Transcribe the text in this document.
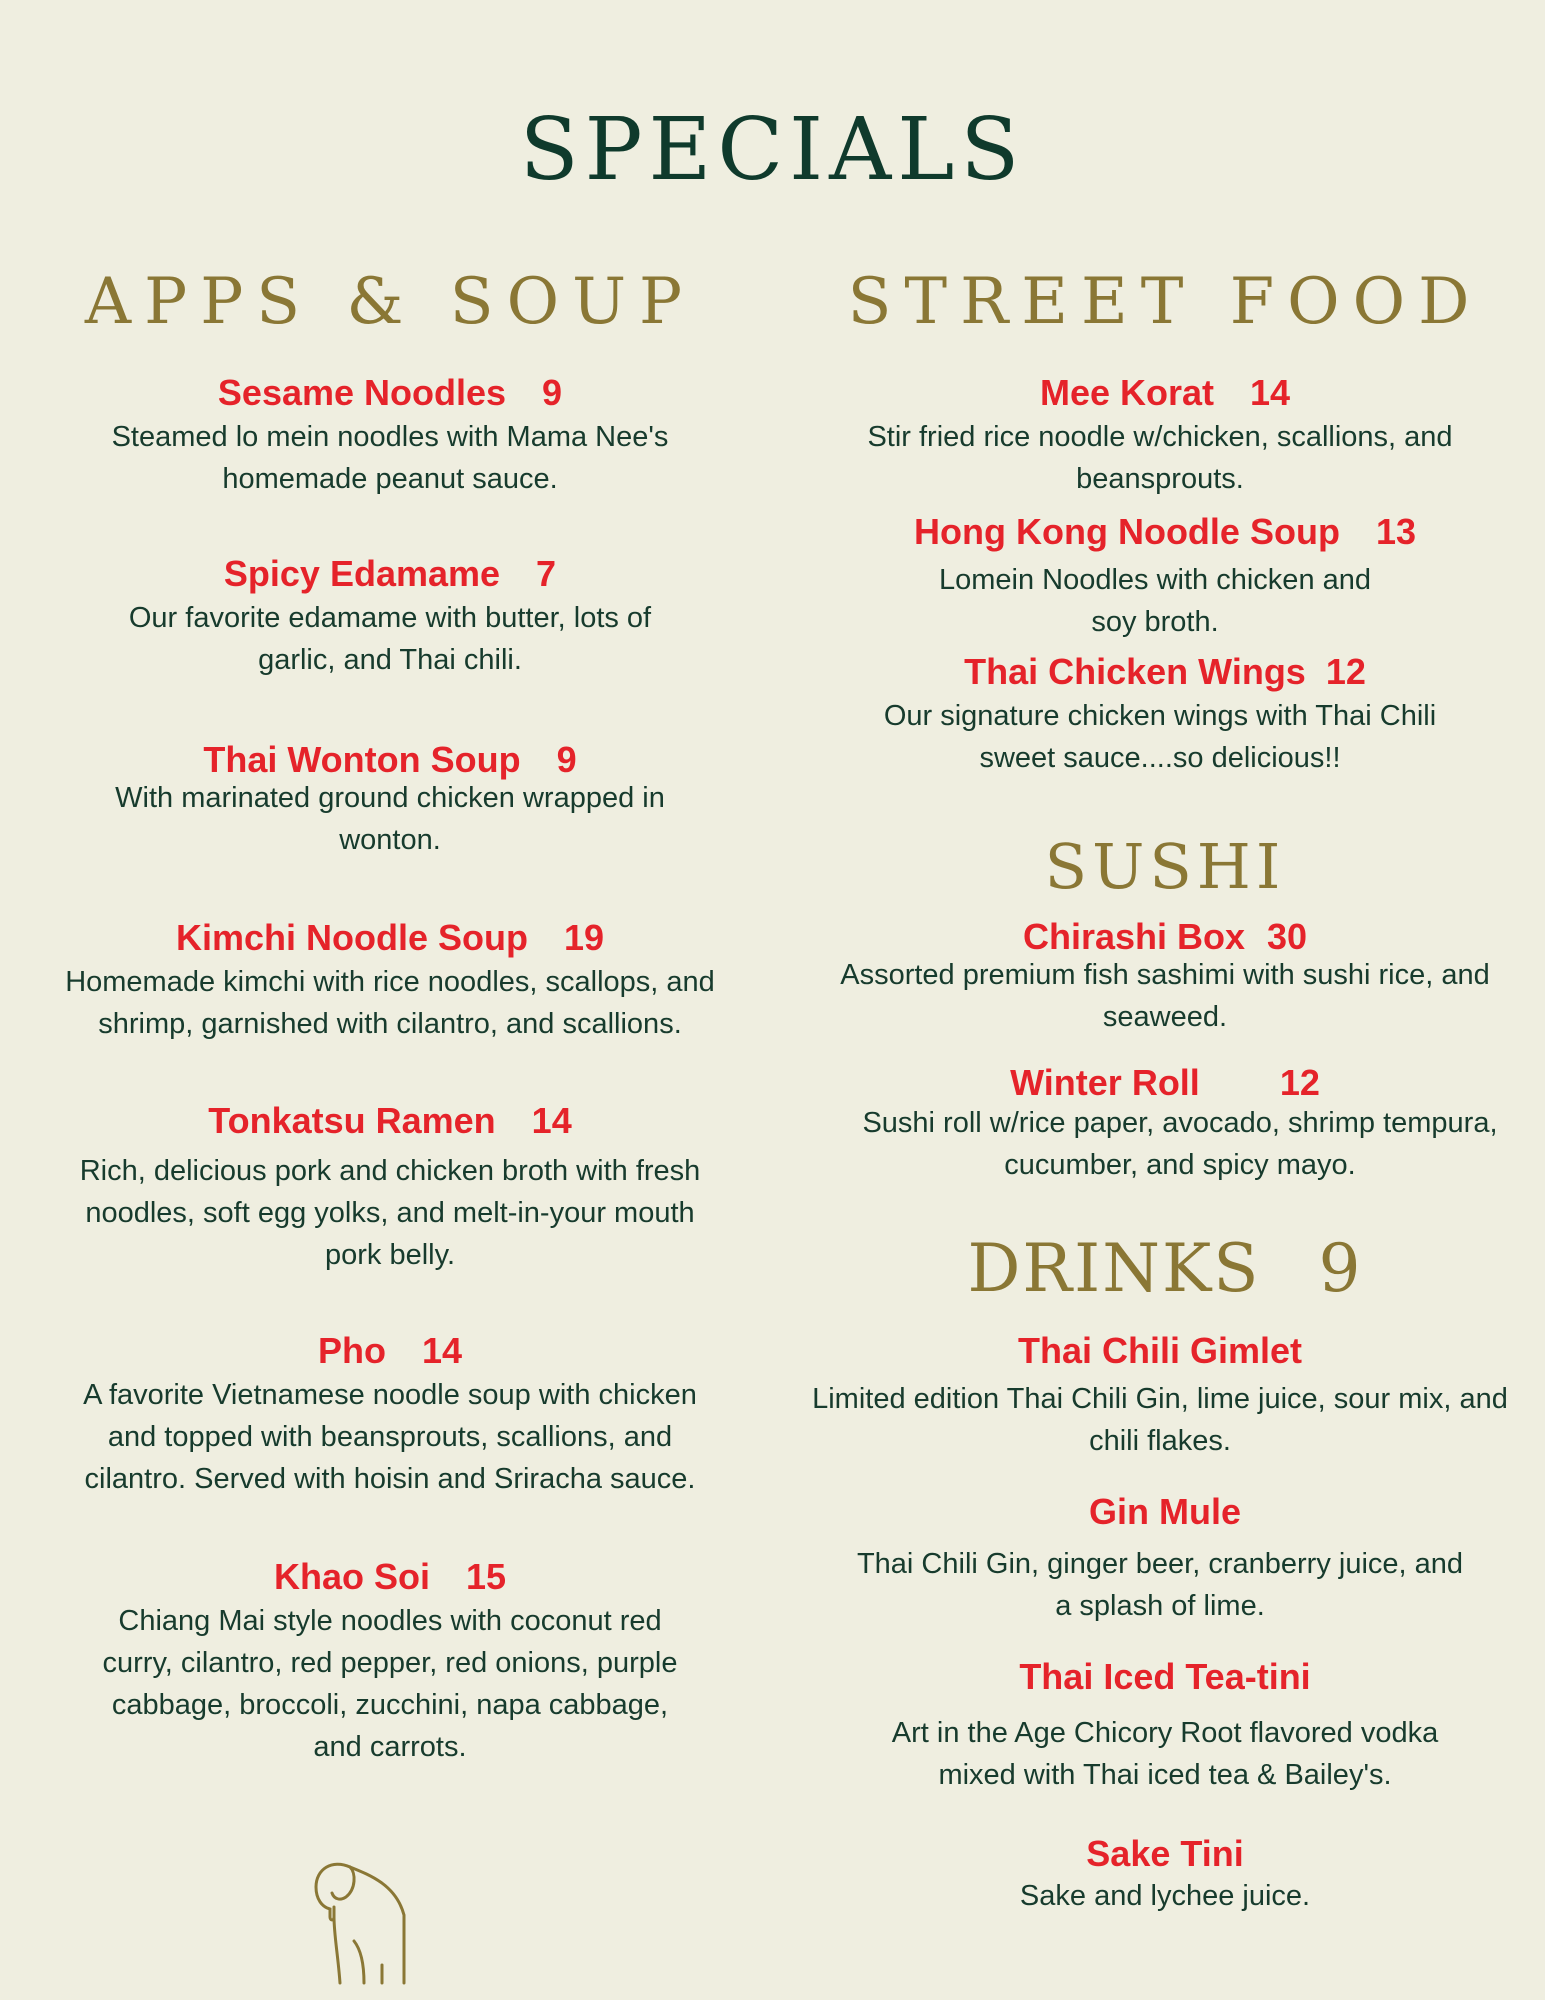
SPECIALS
APPS & SOUP
Sesame Noodles 9
Steamed lo mein noodles with Mama Nee's homemade peanut sauce.
Spicy Edamame 7
Our favorite edamame with butter, lots of garlic, and Thai chili.
Thai Wonton Soup 9
With marinated ground chicken wrapped in wonton.
Kimchi Noodle Soup 19
Homemade kimchi with rice noodles, scallops, and shrimp, garnished with cilantro, and scallions.
Tonkatsu Ramen 14
Rich, delicious pork and chicken broth with fresh noodles, soft egg yolks, and melt-in-your mouth pork belly.
Pho 14
A favorite Vietnamese noodle soup with chicken and topped with beansprouts, scallions, and cilantro. Served with hoisin and Sriracha sauce.
Khao Soi 15
Chiang Mai style noodles with coconut red curry, cilantro, red pepper, red onions, purple cabbage, broccoli, zucchini, napa cabbage, and carrots.
STREET FOOD
Mee Korat 14
Stir fried rice noodle w/chicken, scallions, and beansprouts.
Hong Kong Noodle Soup 13
Lomein Noodles with chicken and soy broth.
Thai Chicken Wings 12
Our signature chicken wings with Thai Chili sweet sauce....so delicious!!
SUSHI
Chirashi Box 30
Assorted premium fish sashimi with sushi rice, and seaweed.
Winter Roll 12
Sushi roll w/rice paper, avocado, shrimp tempura, cucumber, and spicy mayo.
DRINKS 9
Thai Chili Gimlet
Limited edition Thai Chili Gin, lime juice, sour mix, and chili flakes.
Gin Mule
Thai Chili Gin, ginger beer, cranberry juice, and a splash of lime.
Thai Iced Tea-tini
Art in the Age Chicory Root flavored vodka mixed with Thai iced tea & Bailey's.
Sake Tini
Sake and lychee juice.
